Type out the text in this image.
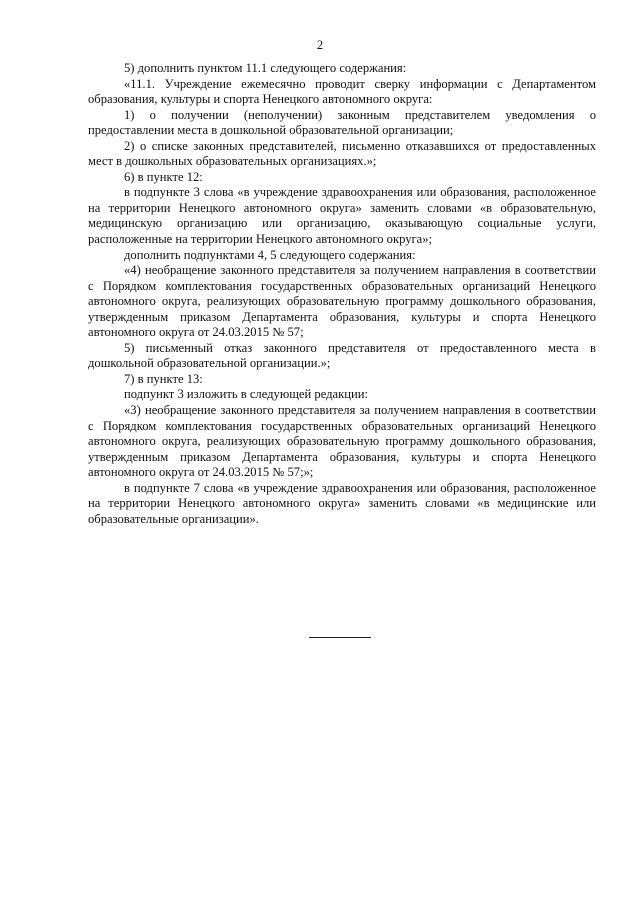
2

5) дополнить пунктом 11.1 следующего содержания:

«11.1. Учреждение ежемесячно проводит сверку информации с Департаментом образования, культуры и спорта Ненецкого автономного округа:

1) о получении (неполучении) законным представителем уведомления о предоставлении места в дошкольной образовательной организации;

2) о списке законных представителей, письменно отказавшихся от предоставленных мест в дошкольных образовательных организациях.»;

6) в пункте 12:

в подпункте 3 слова «в учреждение здравоохранения или образования, расположенное на территории Ненецкого автономного округа» заменить словами «в образовательную, медицинскую организацию или организацию, оказывающую социальные услуги, расположенные на территории Ненецкого автономного округа»;

дополнить подпунктами 4, 5 следующего содержания:

«4) необращение законного представителя за получением направления в соответствии с Порядком комплектования государственных образовательных организаций Ненецкого автономного округа, реализующих образовательную программу дошкольного образования, утвержденным приказом Департамента образования, культуры и спорта Ненецкого автономного округа от 24.03.2015 № 57;

5) письменный отказ законного представителя от предоставленного места в дошкольной образовательной организации.»;

7) в пункте 13:

подпункт 3 изложить в следующей редакции:

«3) необращение законного представителя за получением направления в соответствии с Порядком комплектования государственных образовательных организаций Ненецкого автономного округа, реализующих образовательную программу дошкольного образования, утвержденным приказом Департамента образования, культуры и спорта Ненецкого автономного округа от 24.03.2015 № 57;»;

в подпункте 7 слова «в учреждение здравоохранения или образования, расположенное на территории Ненецкого автономного округа» заменить словами «в медицинские или образовательные организации».
